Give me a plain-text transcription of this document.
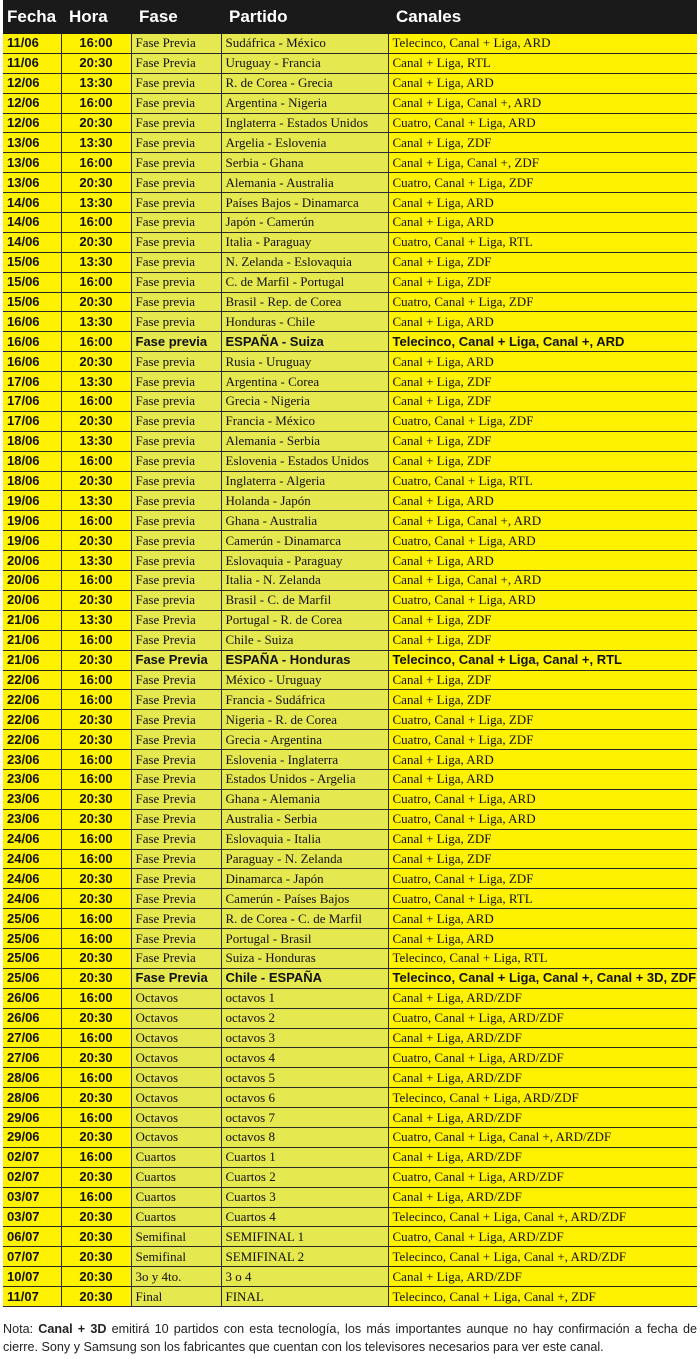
Fecha	Hora	Fase	Partido	Canales
11/06	16:00	Fase Previa	Sudáfrica - México	Telecinco, Canal + Liga, ARD
11/06	20:30	Fase Previa	Uruguay - Francia	Canal + Liga, RTL
12/06	13:30	Fase previa	R. de Corea - Grecia	Canal + Liga, ARD
12/06	16:00	Fase previa	Argentina - Nigeria	Canal + Liga, Canal +, ARD
12/06	20:30	Fase previa	Inglaterra - Estados Unidos	Cuatro, Canal + Liga, ARD
13/06	13:30	Fase previa	Argelia - Eslovenia	Canal + Liga, ZDF
13/06	16:00	Fase previa	Serbia - Ghana	Canal + Liga, Canal +, ZDF
13/06	20:30	Fase previa	Alemania - Australia	Cuatro, Canal + Liga, ZDF
14/06	13:30	Fase previa	Países Bajos - Dinamarca	Canal + Liga, ARD
14/06	16:00	Fase previa	Japón - Camerún	Canal + Liga, ARD
14/06	20:30	Fase previa	Italia - Paraguay	Cuatro, Canal + Liga, RTL
15/06	13:30	Fase previa	N. Zelanda - Eslovaquia	Canal + Liga, ZDF
15/06	16:00	Fase previa	C. de Marfil - Portugal	Canal + Liga, ZDF
15/06	20:30	Fase previa	Brasil - Rep. de Corea	Cuatro, Canal + Liga, ZDF
16/06	13:30	Fase previa	Honduras - Chile	Canal + Liga, ARD
16/06	16:00	Fase previa	ESPAÑA - Suiza	Telecinco, Canal + Liga, Canal +, ARD
16/06	20:30	Fase previa	Rusia - Uruguay	Canal + Liga, ARD
17/06	13:30	Fase previa	Argentina - Corea	Canal + Liga, ZDF
17/06	16:00	Fase previa	Grecia - Nigeria	Canal + Liga, ZDF
17/06	20:30	Fase previa	Francia - México	Cuatro, Canal + Liga, ZDF
18/06	13:30	Fase previa	Alemania - Serbia	Canal + Liga, ZDF
18/06	16:00	Fase previa	Eslovenia - Estados Unidos	Canal + Liga, ZDF
18/06	20:30	Fase previa	Inglaterra - Algeria	Cuatro, Canal + Liga, RTL
19/06	13:30	Fase previa	Holanda - Japón	Canal + Liga, ARD
19/06	16:00	Fase previa	Ghana - Australia	Canal + Liga, Canal +, ARD
19/06	20:30	Fase previa	Camerún - Dinamarca	Cuatro, Canal + Liga, ARD
20/06	13:30	Fase previa	Eslovaquia - Paraguay	Canal + Liga, ARD
20/06	16:00	Fase previa	Italia - N. Zelanda	Canal + Liga, Canal +, ARD
20/06	20:30	Fase previa	Brasil - C. de Marfil	Cuatro, Canal + Liga, ARD
21/06	13:30	Fase Previa	Portugal - R. de Corea	Canal + Liga, ZDF
21/06	16:00	Fase Previa	Chile - Suiza	Canal + Liga, ZDF
21/06	20:30	Fase Previa	ESPAÑA - Honduras	Telecinco, Canal + Liga, Canal +, RTL
22/06	16:00	Fase Previa	México - Uruguay	Canal + Liga, ZDF
22/06	16:00	Fase Previa	Francia - Sudáfrica	Canal + Liga, ZDF
22/06	20:30	Fase Previa	Nigeria - R. de Corea	Cuatro, Canal + Liga, ZDF
22/06	20:30	Fase Previa	Grecia - Argentina	Cuatro, Canal + Liga, ZDF
23/06	16:00	Fase Previa	Eslovenia - Inglaterra	Canal + Liga, ARD
23/06	16:00	Fase Previa	Estados Unidos - Argelia	Canal + Liga, ARD
23/06	20:30	Fase Previa	Ghana - Alemania	Cuatro, Canal + Liga, ARD
23/06	20:30	Fase Previa	Australia - Serbia	Cuatro, Canal + Liga, ARD
24/06	16:00	Fase Previa	Eslovaquia - Italia	Canal + Liga, ZDF
24/06	16:00	Fase Previa	Paraguay - N. Zelanda	Canal + Liga, ZDF
24/06	20:30	Fase Previa	Dinamarca - Japón	Cuatro, Canal + Liga, ZDF
24/06	20:30	Fase Previa	Camerún - Países Bajos	Cuatro, Canal + Liga, RTL
25/06	16:00	Fase Previa	R. de Corea - C. de Marfil	Canal + Liga, ARD
25/06	16:00	Fase Previa	Portugal - Brasil	Canal + Liga, ARD
25/06	20:30	Fase Previa	Suiza - Honduras	Telecinco, Canal + Liga, RTL
25/06	20:30	Fase Previa	Chile - ESPAÑA	Telecinco, Canal + Liga, Canal +, Canal + 3D, ZDF
26/06	16:00	Octavos	octavos 1	Canal + Liga, ARD/ZDF
26/06	20:30	Octavos	octavos 2	Cuatro, Canal + Liga, ARD/ZDF
27/06	16:00	Octavos	octavos 3	Canal + Liga, ARD/ZDF
27/06	20:30	Octavos	octavos 4	Cuatro, Canal + Liga, ARD/ZDF
28/06	16:00	Octavos	octavos 5	Canal + Liga, ARD/ZDF
28/06	20:30	Octavos	octavos 6	Telecinco, Canal + Liga, ARD/ZDF
29/06	16:00	Octavos	octavos 7	Canal + Liga, ARD/ZDF
29/06	20:30	Octavos	octavos 8	Cuatro, Canal + Liga, Canal +, ARD/ZDF
02/07	16:00	Cuartos	Cuartos 1	Canal + Liga, ARD/ZDF
02/07	20:30	Cuartos	Cuartos 2	Cuatro, Canal + Liga, ARD/ZDF
03/07	16:00	Cuartos	Cuartos 3	Canal + Liga, ARD/ZDF
03/07	20:30	Cuartos	Cuartos 4	Telecinco, Canal + Liga, Canal +, ARD/ZDF
06/07	20:30	Semifinal	SEMIFINAL 1	Cuatro, Canal + Liga, ARD/ZDF
07/07	20:30	Semifinal	SEMIFINAL 2	Telecinco, Canal + Liga, Canal +, ARD/ZDF
10/07	20:30	3o y 4to.	3 o 4	Canal + Liga, ARD/ZDF
11/07	20:30	Final	FINAL	Telecinco, Canal + Liga, Canal +, ZDF
Nota: Canal + 3D emitirá 10 partidos con esta tecnología, los más importantes aunque no hay confirmación a fecha de cierre. Sony y Samsung son los fabricantes que cuentan con los televisores necesarios para ver este canal.
